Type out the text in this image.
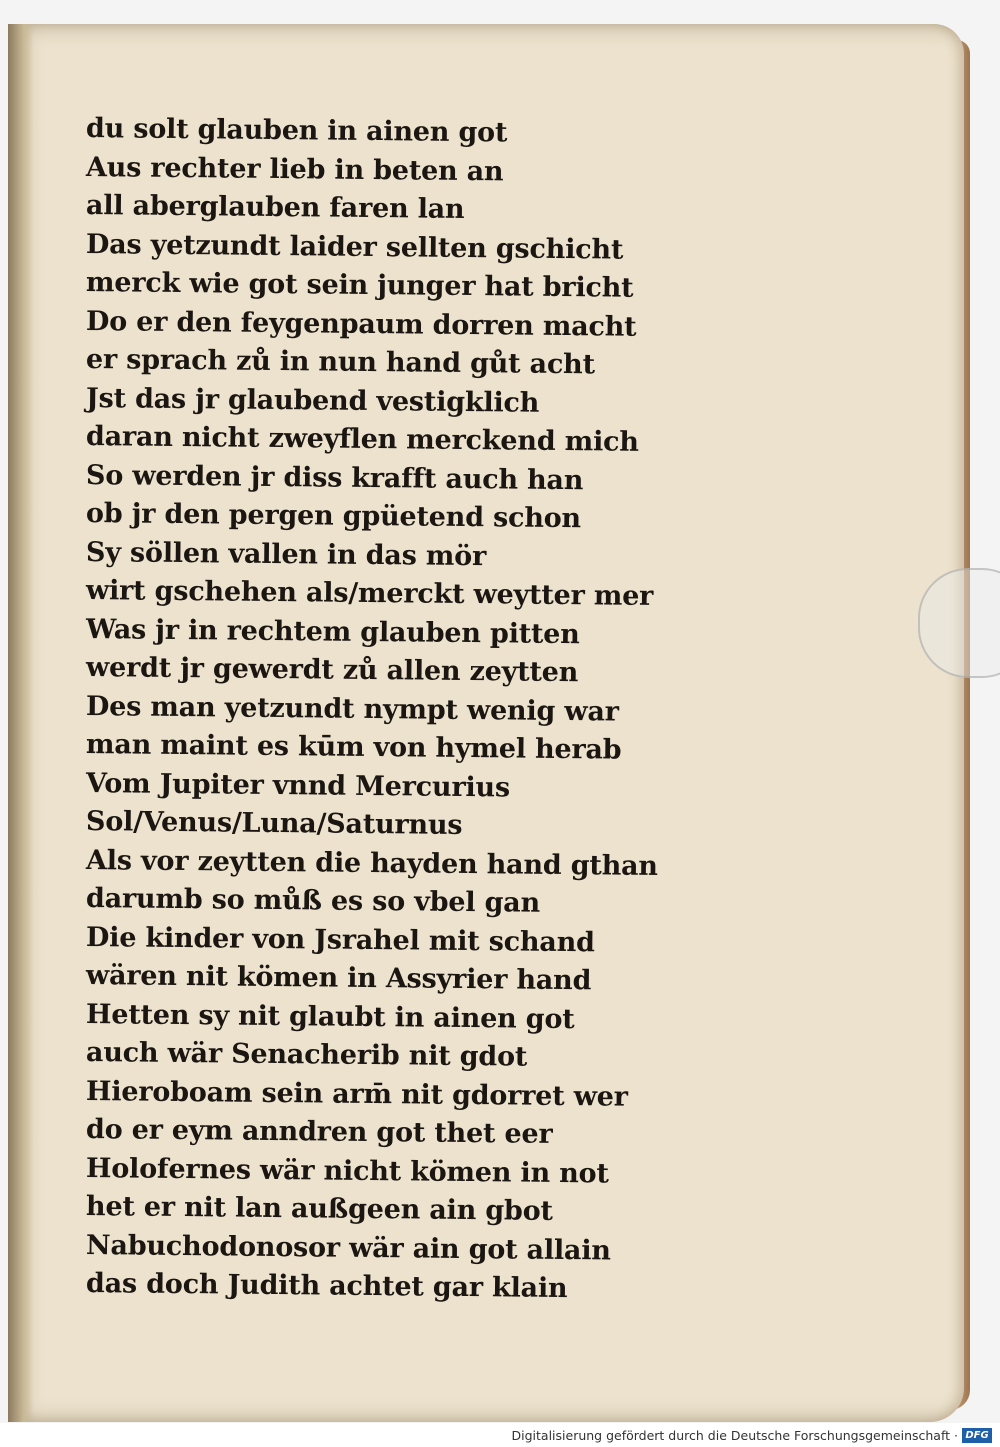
du solt glauben in ainen got
Aus rechter lieb in beten an
all aberglauben faren lan
Das yetzundt laider sellten gschicht
merck wie got sein junger hat bricht
Do er den feygenpaum dorren macht
er sprach zů in nun hand gůt acht
Jst das jr glaubend vestigklich
daran nicht zweyflen merckend mich
So werden jr diss krafft auch han
ob jr den pergen gpüetend schon
Sy söllen vallen in das mör
wirt gschehen als/merckt weytter mer
Was jr in rechtem glauben pitten
werdt jr gewerdt zů allen zeytten
Des man yetzundt nympt wenig war
man maint es kūm von hymel herab
Vom Jupiter vnnd Mercurius
Sol/Venus/Luna/Saturnus
Als vor zeytten die hayden hand gthan
darumb so můß es so vbel gan
Die kinder von Jsrahel mit schand
wären nit kömen in Assyrier hand
Hetten sy nit glaubt in ainen got
auch wär Senacherib nit gdot
Hieroboam sein arm̄ nit gdorret wer
do er eym anndren got thet eer
Holofernes wär nicht kömen in not
het er nit lan außgeen ain gbot
Nabuchodonosor wär ain got allain
das doch Judith achtet gar klain
Digitalisierung gefördert durch die Deutsche Forschungsgemeinschaft · DFG
